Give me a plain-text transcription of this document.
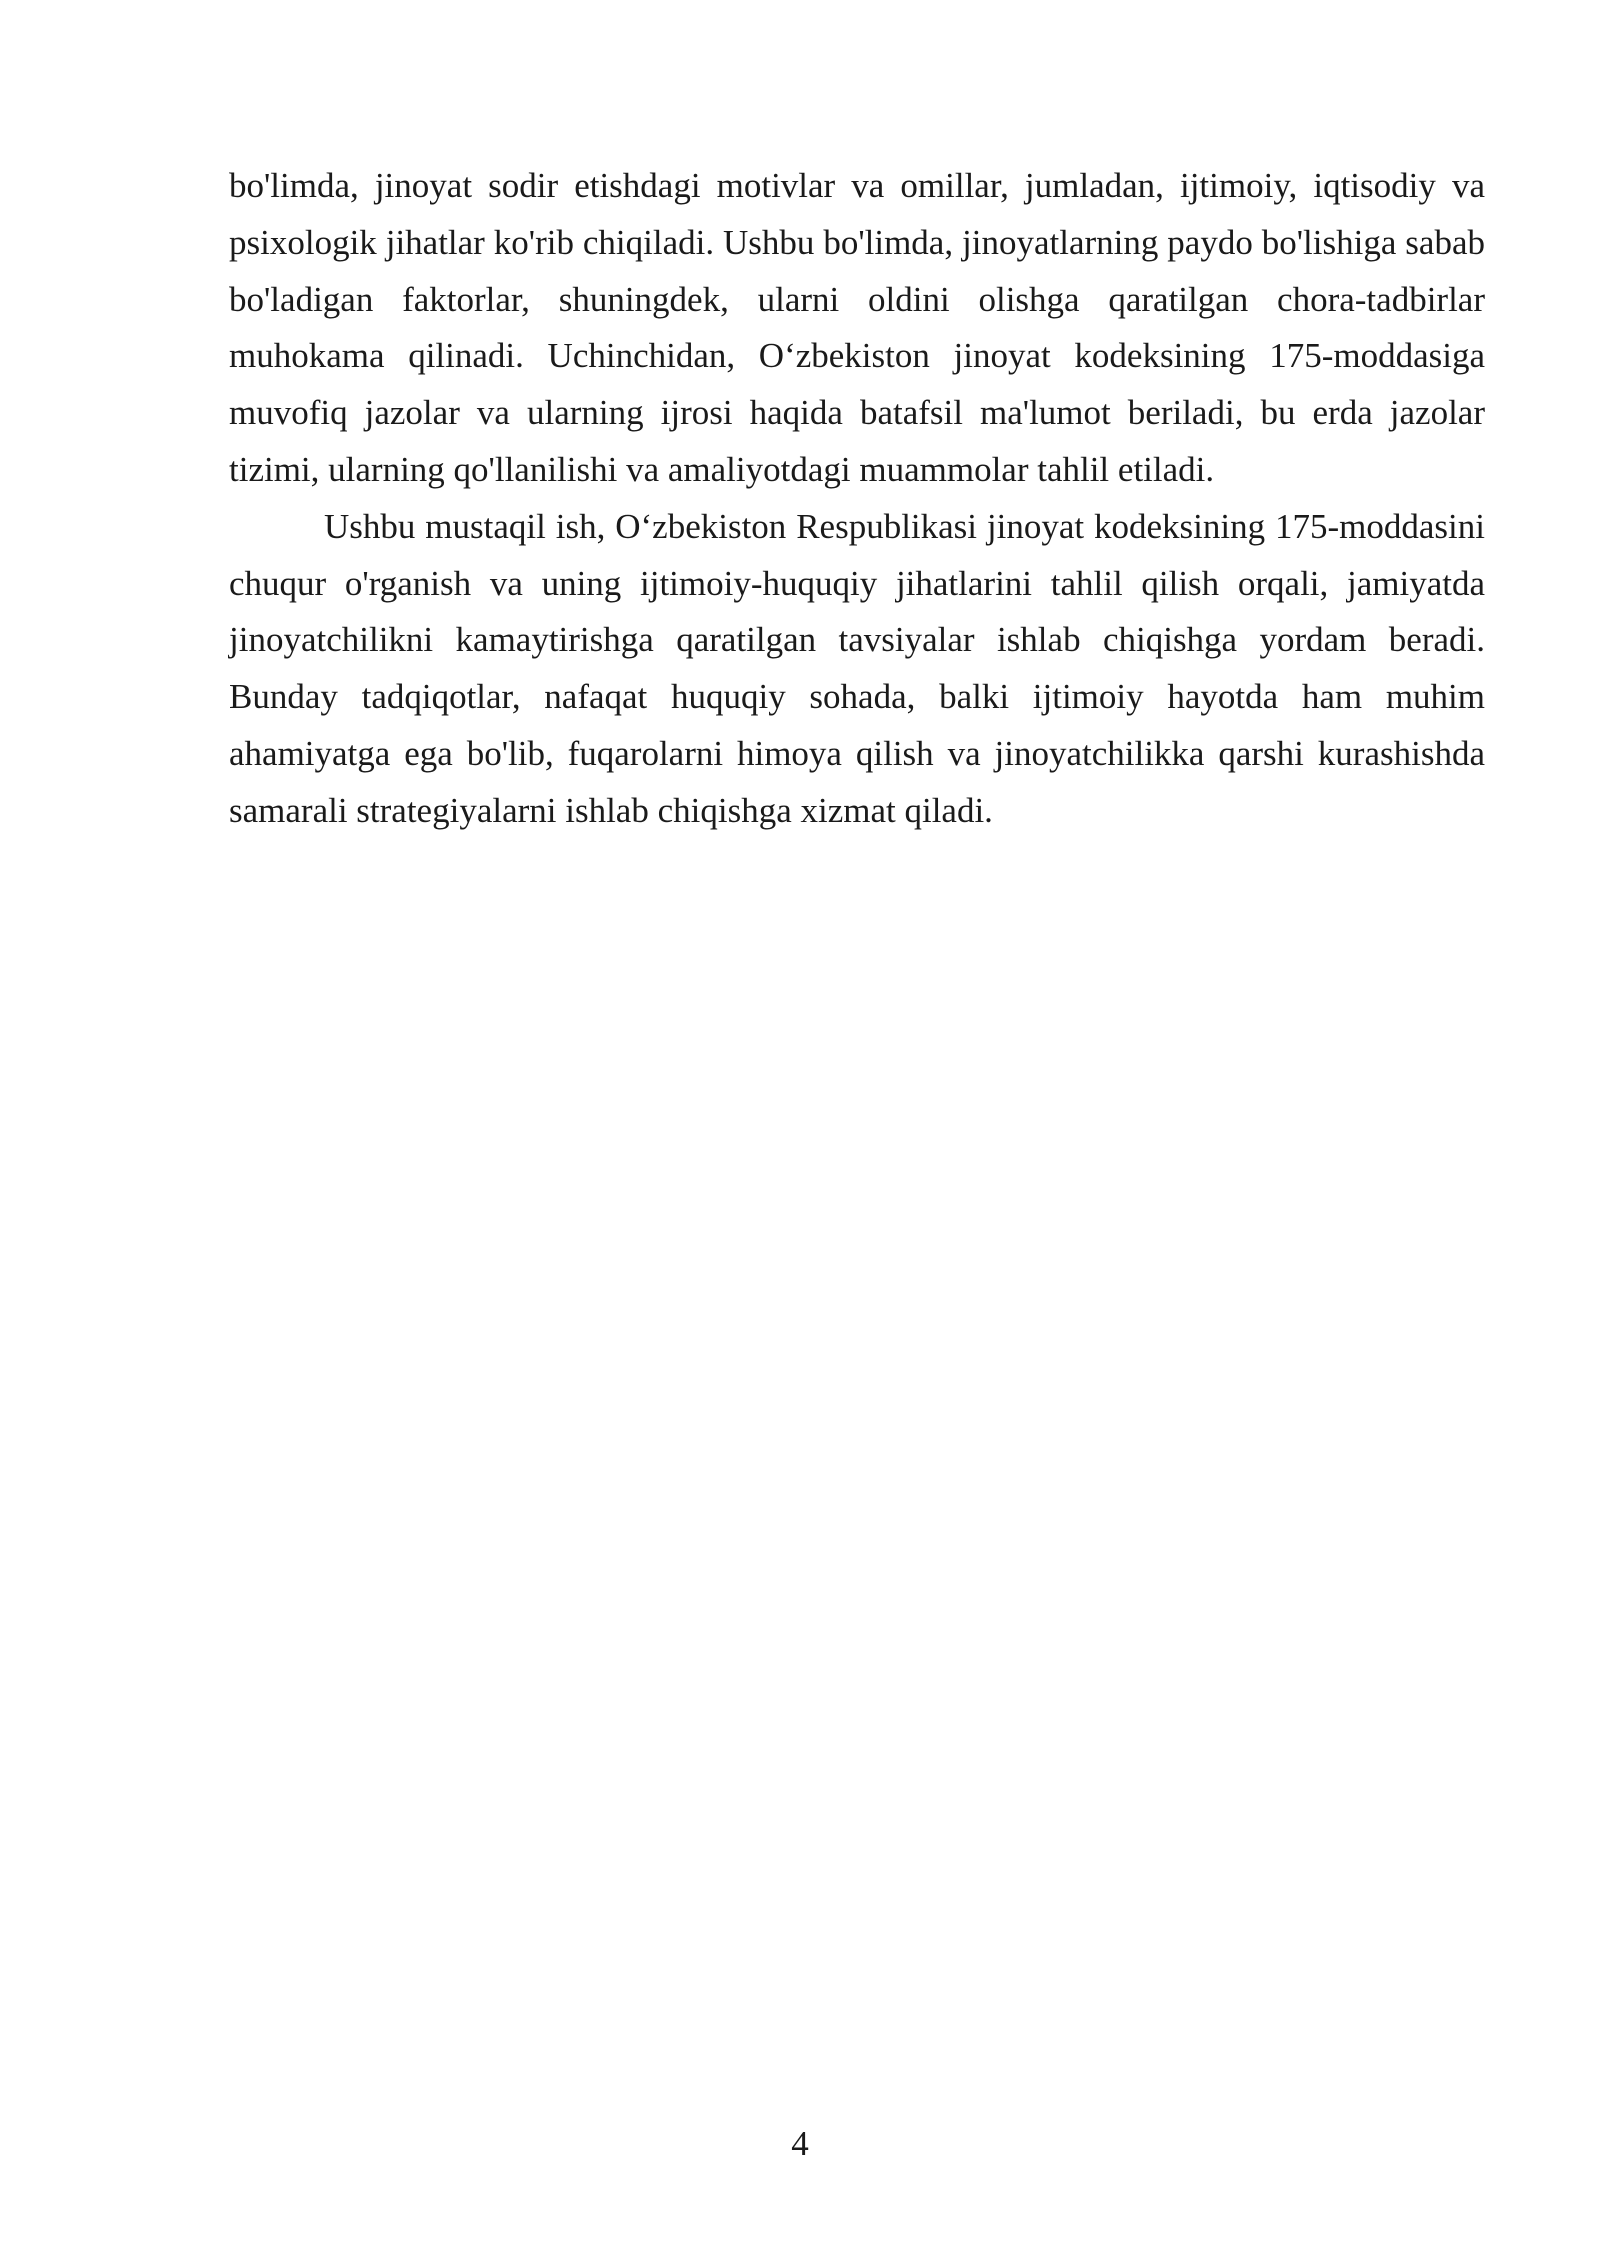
bo'limda, jinoyat sodir etishdagi motivlar va omillar, jumladan, ijtimoiy, iqtisodiy va psixologik jihatlar ko'rib chiqiladi. Ushbu bo'limda, jinoyatlarning paydo bo'lishiga sabab bo'ladigan faktorlar, shuningdek, ularni oldini olishga qaratilgan chora-tadbirlar muhokama qilinadi. Uchinchidan, O‘zbekiston jinoyat kodeksining 175-moddasiga muvofiq jazolar va ularning ijrosi haqida batafsil ma'lumot beriladi, bu erda jazolar tizimi, ularning qo'llanilishi va amaliyotdagi muammolar tahlil etiladi.

Ushbu mustaqil ish, O‘zbekiston Respublikasi jinoyat kodeksining 175-moddasini chuqur o'rganish va uning ijtimoiy-huquqiy jihatlarini tahlil qilish orqali, jamiyatda jinoyatchilikni kamaytirishga qaratilgan tavsiyalar ishlab chiqishga yordam beradi. Bunday tadqiqotlar, nafaqat huquqiy sohada, balki ijtimoiy hayotda ham muhim ahamiyatga ega bo'lib, fuqarolarni himoya qilish va jinoyatchilikka qarshi kurashishda samarali strategiyalarni ishlab chiqishga xizmat qiladi.

4
